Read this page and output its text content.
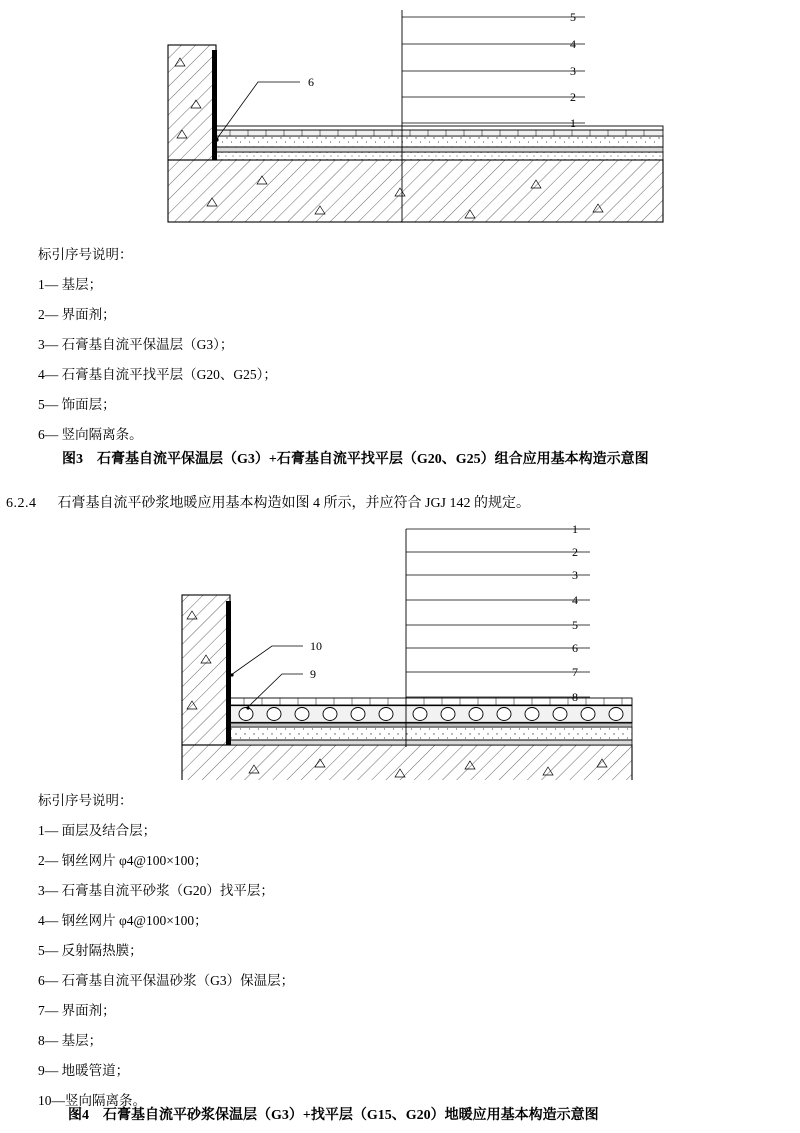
5
4
3
2
1
6
标引序号说明：
1— 基层；
2— 界面剂；
3— 石膏基自流平保温层（G3）；
4— 石膏基自流平找平层（G20、G25）；
5— 饰面层；
6— 竖向隔离条。
图3　石膏基自流平保温层（G3）+石膏基自流平找平层（G20、G25）组合应用基本构造示意图
6.2.4 石膏基自流平砂浆地暖应用基本构造如图 4 所示，并应符合 JGJ 142 的规定。
1
2
3
4
5
6
7
8
10
9
标引序号说明：
1— 面层及结合层；
2— 钢丝网片 φ4@100×100；
3— 石膏基自流平砂浆（G20）找平层；
4— 钢丝网片 φ4@100×100；
5— 反射隔热膜；
6— 石膏基自流平保温砂浆（G3）保温层；
7— 界面剂；
8— 基层；
9— 地暖管道；
10—竖向隔离条。
图4　石膏基自流平砂浆保温层（G3）+找平层（G15、G20）地暖应用基本构造示意图
